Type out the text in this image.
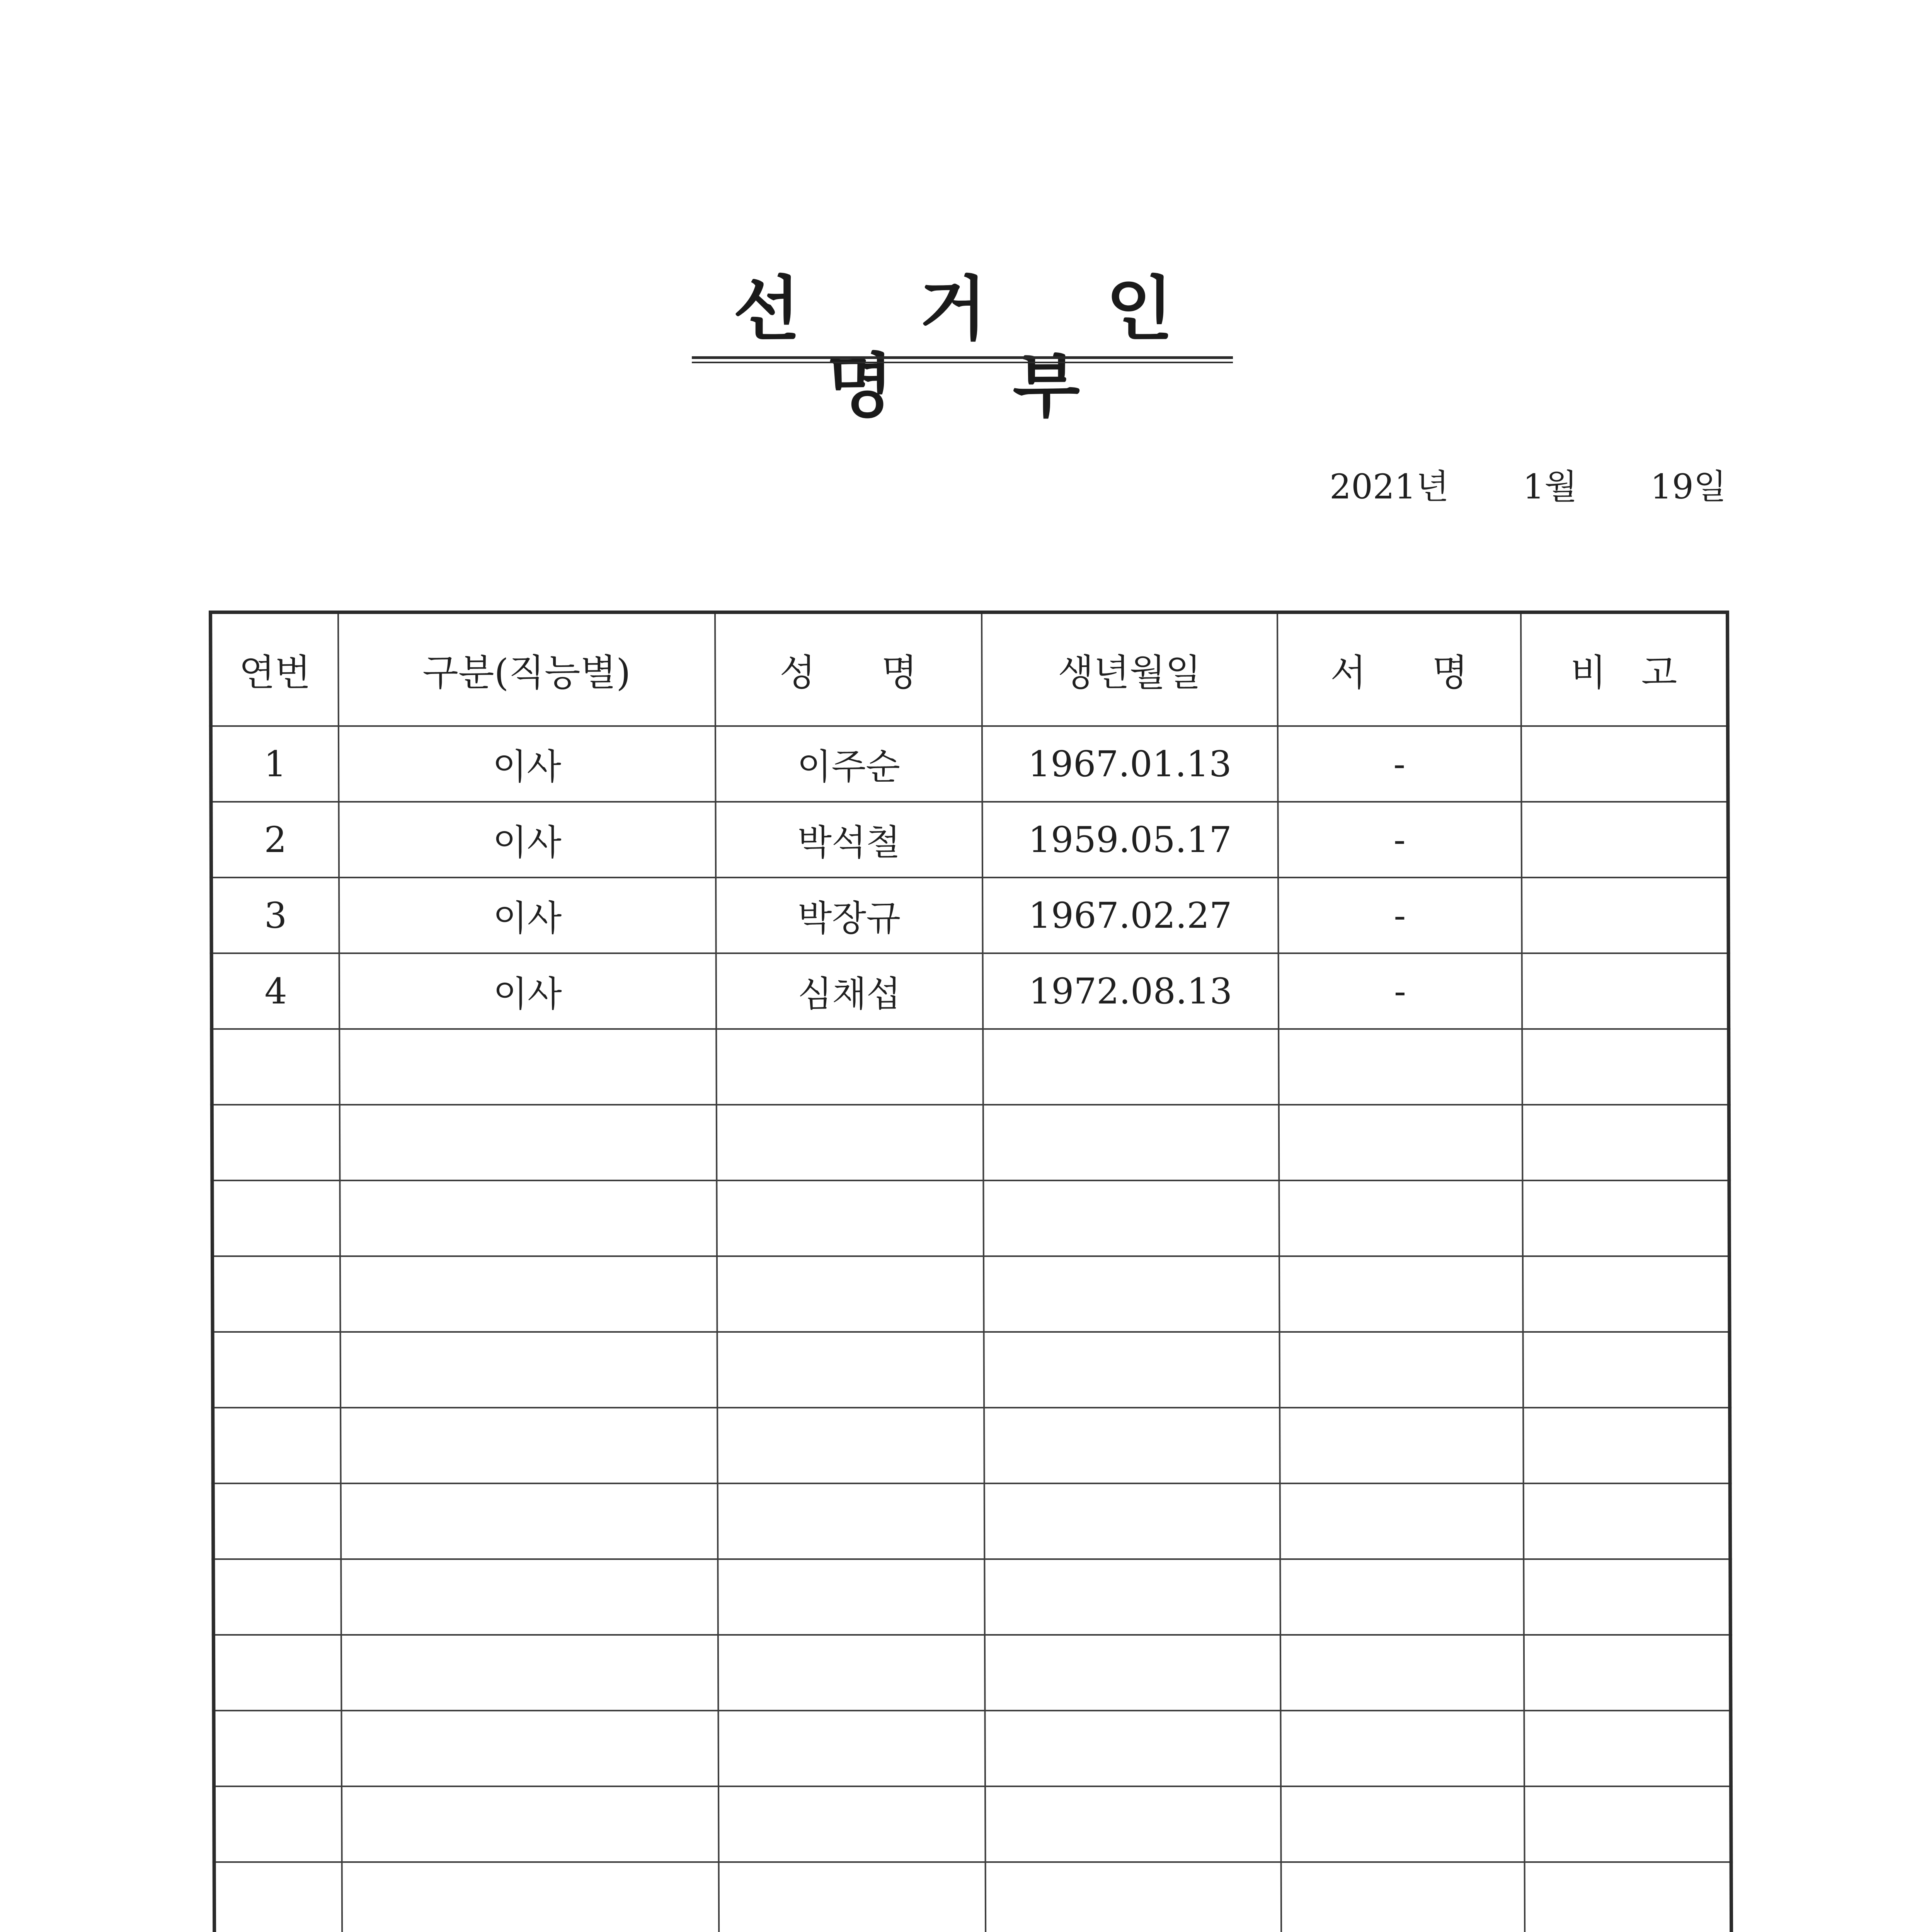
선 거 인 명 부
2021년 1월 19일
연번	구분(직능별)	성 명	생년월일	서 명	비 고
1	이사	이주순	1967.01.13	-	
2	이사	박석철	1959.05.17	-	
3	이사	박장규	1967.02.27	-	
4	이사	심채섭	1972.08.13	-	
